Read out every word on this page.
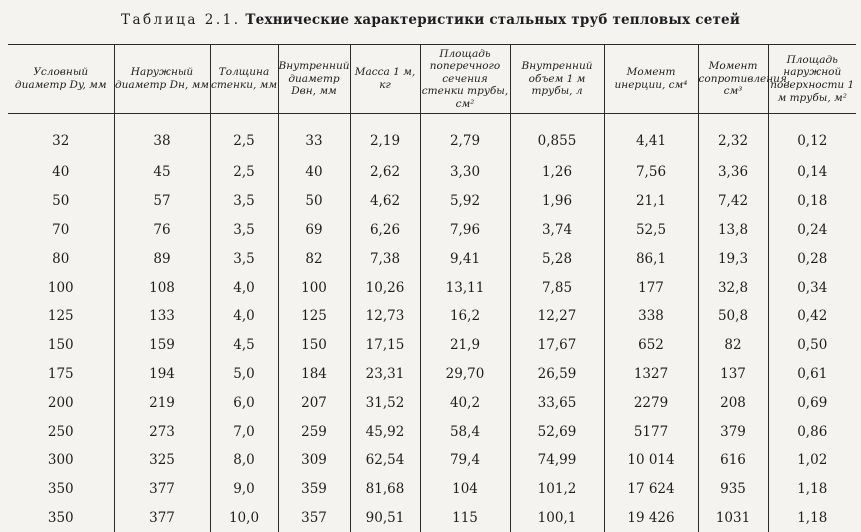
Таблица 2.1. Технические характеристики стальных труб тепловых сетей
Условный диаметр Dy, мм	Наружный диаметр Dн, мм	Толщина стенки, мм	Внутренний диаметр Dвн, мм	Масса 1 м, кг	Площадь поперечного сечения стенки трубы, см²	Внутренний объем 1 м трубы, л	Момент инерции, см⁴	Момент сопротивления, см³	Площадь наружной поверхности 1 м трубы, м²
32	38	2,5	33	2,19	2,79	0,855	4,41	2,32	0,12
40	45	2,5	40	2,62	3,30	1,26	7,56	3,36	0,14
50	57	3,5	50	4,62	5,92	1,96	21,1	7,42	0,18
70	76	3,5	69	6,26	7,96	3,74	52,5	13,8	0,24
80	89	3,5	82	7,38	9,41	5,28	86,1	19,3	0,28
100	108	4,0	100	10,26	13,11	7,85	177	32,8	0,34
125	133	4,0	125	12,73	16,2	12,27	338	50,8	0,42
150	159	4,5	150	17,15	21,9	17,67	652	82	0,50
175	194	5,0	184	23,31	29,70	26,59	1327	137	0,61
200	219	6,0	207	31,52	40,2	33,65	2279	208	0,69
250	273	7,0	259	45,92	58,4	52,69	5177	379	0,86
300	325	8,0	309	62,54	79,4	74,99	10 014	616	1,02
350	377	9,0	359	81,68	104	101,2	17 624	935	1,18
350	377	10,0	357	90,51	115	100,1	19 426	1031	1,18
